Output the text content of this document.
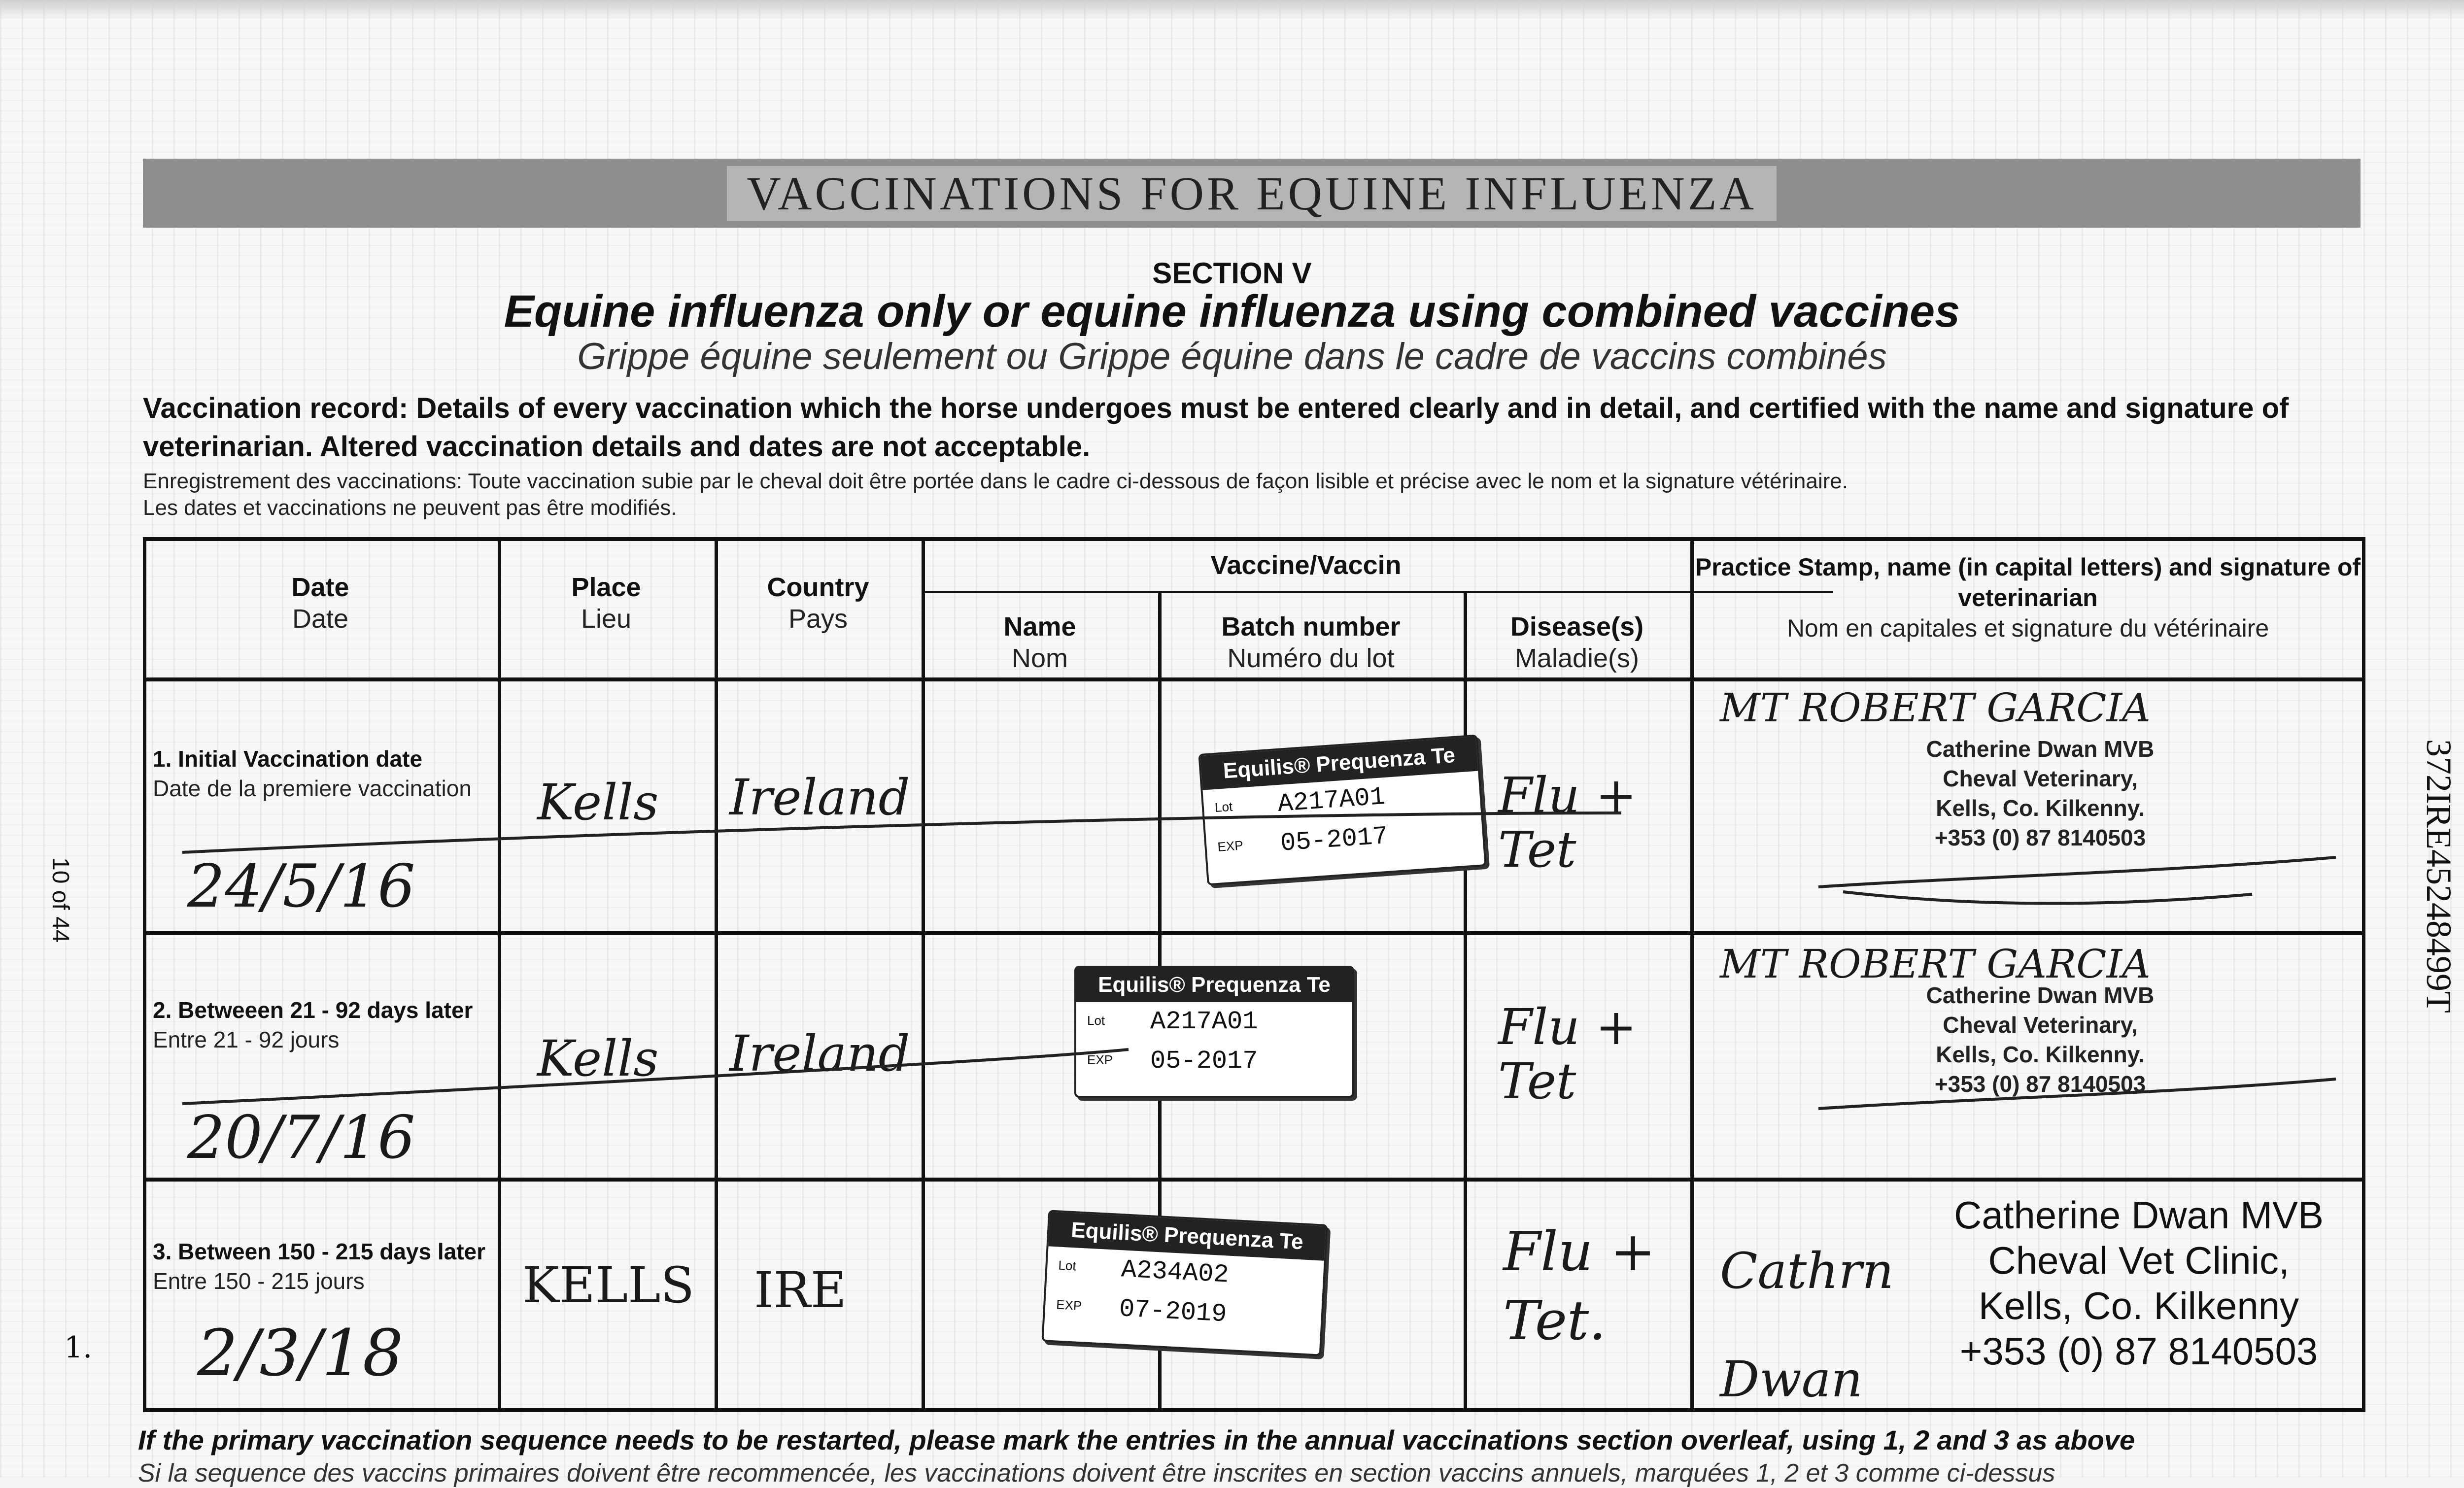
VACCINATIONS FOR EQUINE INFLUENZA
SECTION V
Equine influenza only or equine influenza using combined vaccines
Grippe équine seulement ou Grippe équine dans le cadre de vaccins combinés
Vaccination record: Details of every vaccination which the horse undergoes must be entered clearly and in detail, and certified with the name and signature of veterinarian. Altered vaccination details and dates are not acceptable.
Enregistrement des vaccinations: Toute vaccination subie par le cheval doit être portée dans le cadre ci-dessous de façon lisible et précise avec le nom et la signature vétérinaire.
Les dates et vaccinations ne peuvent pas être modifiés.
10 of 44	372IRE45248499T
Date
Date
Place
Lieu
Country
Pays
Vaccine/Vaccin
Name
Nom
Batch number
Numéro du lot
Disease(s)
Maladie(s)
Practice Stamp, name (in capital letters) and signature of veterinarian
Nom en capitales et signature du vétérinaire
1. Initial Vaccination date
Date de la premiere vaccination
24/5/16
Kells Ireland
Equilis® Prequenza Te
Lot A217A01
EXP 05-2017
Flu + Tet
MT ROBERT GARCIA
Catherine Dwan MVB
Cheval Veterinary,
Kells, Co. Kilkenny.
+353 (0) 87 8140503
2. Betweeen 21 - 92 days later
Entre 21 - 92 jours
20/7/16
Kells Ireland
Equilis® Prequenza Te
Lot A217A01
EXP 05-2017
Flu + Tet
MT ROBERT GARCIA
Catherine Dwan MVB
Cheval Veterinary,
Kells, Co. Kilkenny.
+353 (0) 87 8140503
3. Between 150 - 215 days later
Entre 150 - 215 jours
2/3/18
KELLS IRE
Equilis® Prequenza Te
Lot A234A02
EXP 07-2019
Flu + Tet.
Cathrn Dwan
Catherine Dwan MVB
Cheval Vet Clinic,
Kells, Co. Kilkenny
+353 (0) 87 8140503
1.
If the primary vaccination sequence needs to be restarted, please mark the entries in the annual vaccinations section overleaf, using 1, 2 and 3 as above
Si la sequence des vaccins primaires doivent être recommencée, les vaccinations doivent être inscrites en section vaccins annuels, marquées 1, 2 et 3 comme ci-dessus
